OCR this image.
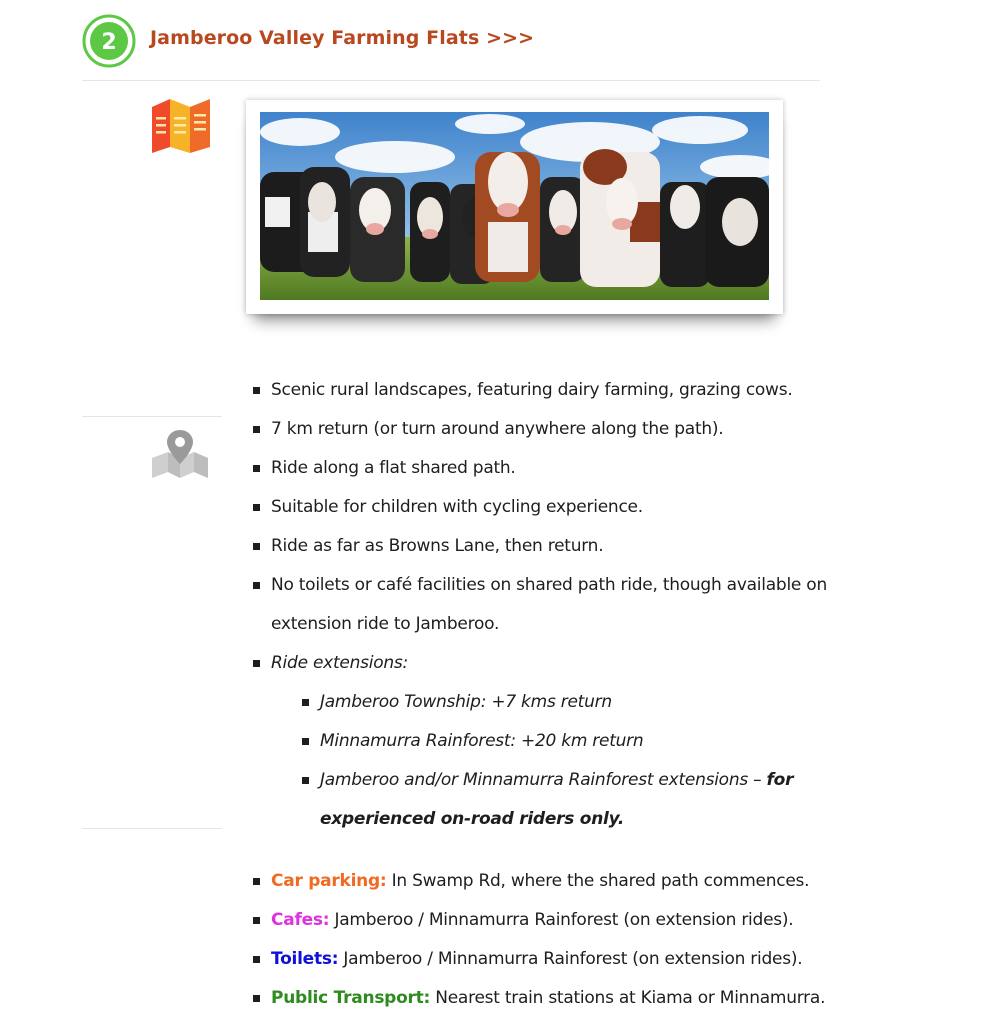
2 Jamberoo Valley Farming Flats >>>
Scenic rural landscapes, featuring dairy farming, grazing cows.
7 km return (or turn around anywhere along the path).
Ride along a flat shared path.
Suitable for children with cycling experience.
Ride as far as Browns Lane, then return.
No toilets or café facilities on shared path ride, though available on extension ride to Jamberoo.
Ride extensions:
Jamberoo Township: +7 kms return
Minnamurra Rainforest: +20 km return
Jamberoo and/or Minnamurra Rainforest extensions – for experienced on-road riders only.
Car parking: In Swamp Rd, where the shared path commences.
Cafes: Jamberoo / Minnamurra Rainforest (on extension rides).
Toilets: Jamberoo / Minnamurra Rainforest (on extension rides).
Public Transport: Nearest train stations at Kiama or Minnamurra.
